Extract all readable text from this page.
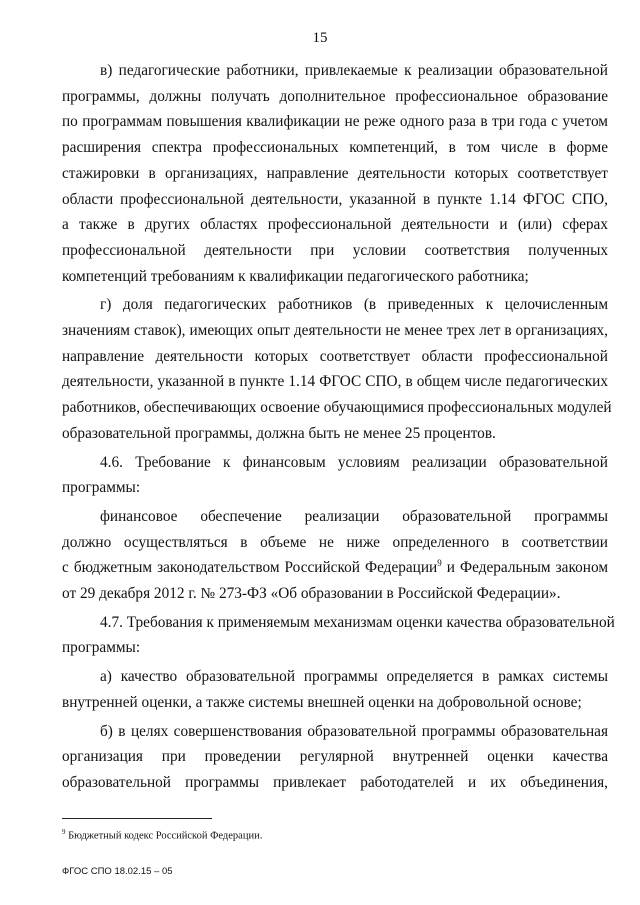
15

в) педагогические работники, привлекаемые к реализации образовательной
программы, должны получать дополнительное профессиональное образование
по программам повышения квалификации не реже одного раза в три года с учетом
расширения спектра профессиональных компетенций, в том числе в форме
стажировки в организациях, направление деятельности которых соответствует
области профессиональной деятельности, указанной в пункте 1.14 ФГОС СПО,
а также в других областях профессиональной деятельности и (или) сферах
профессиональной деятельности при условии соответствия полученных
компетенций требованиям к квалификации педагогического работника;

г) доля педагогических работников (в приведенных к целочисленным
значениям ставок), имеющих опыт деятельности не менее трех лет в организациях,
направление деятельности которых соответствует области профессиональной
деятельности, указанной в пункте 1.14 ФГОС СПО, в общем числе педагогических
работников, обеспечивающих освоение обучающимися профессиональных модулей
образовательной программы, должна быть не менее 25 процентов.

4.6. Требование к финансовым условиям реализации образовательной
программы:

финансовое обеспечение реализации образовательной программы
должно осуществляться в объеме не ниже определенного в соответствии
с бюджетным законодательством Российской Федерации$^9$ и Федеральным законом
от 29 декабря 2012 г. № 273-ФЗ «Об образовании в Российской Федерации».

4.7. Требования к применяемым механизмам оценки качества образовательной
программы:

а) качество образовательной программы определяется в рамках системы
внутренней оценки, а также системы внешней оценки на добровольной основе;

б) в целях совершенствования образовательной программы образовательная
организация при проведении регулярной внутренней оценки качества
образовательной программы привлекает работодателей и их объединения,

$^9$ Бюджетный кодекс Российской Федерации.
ФГОС СПО 18.02.15 – 05
